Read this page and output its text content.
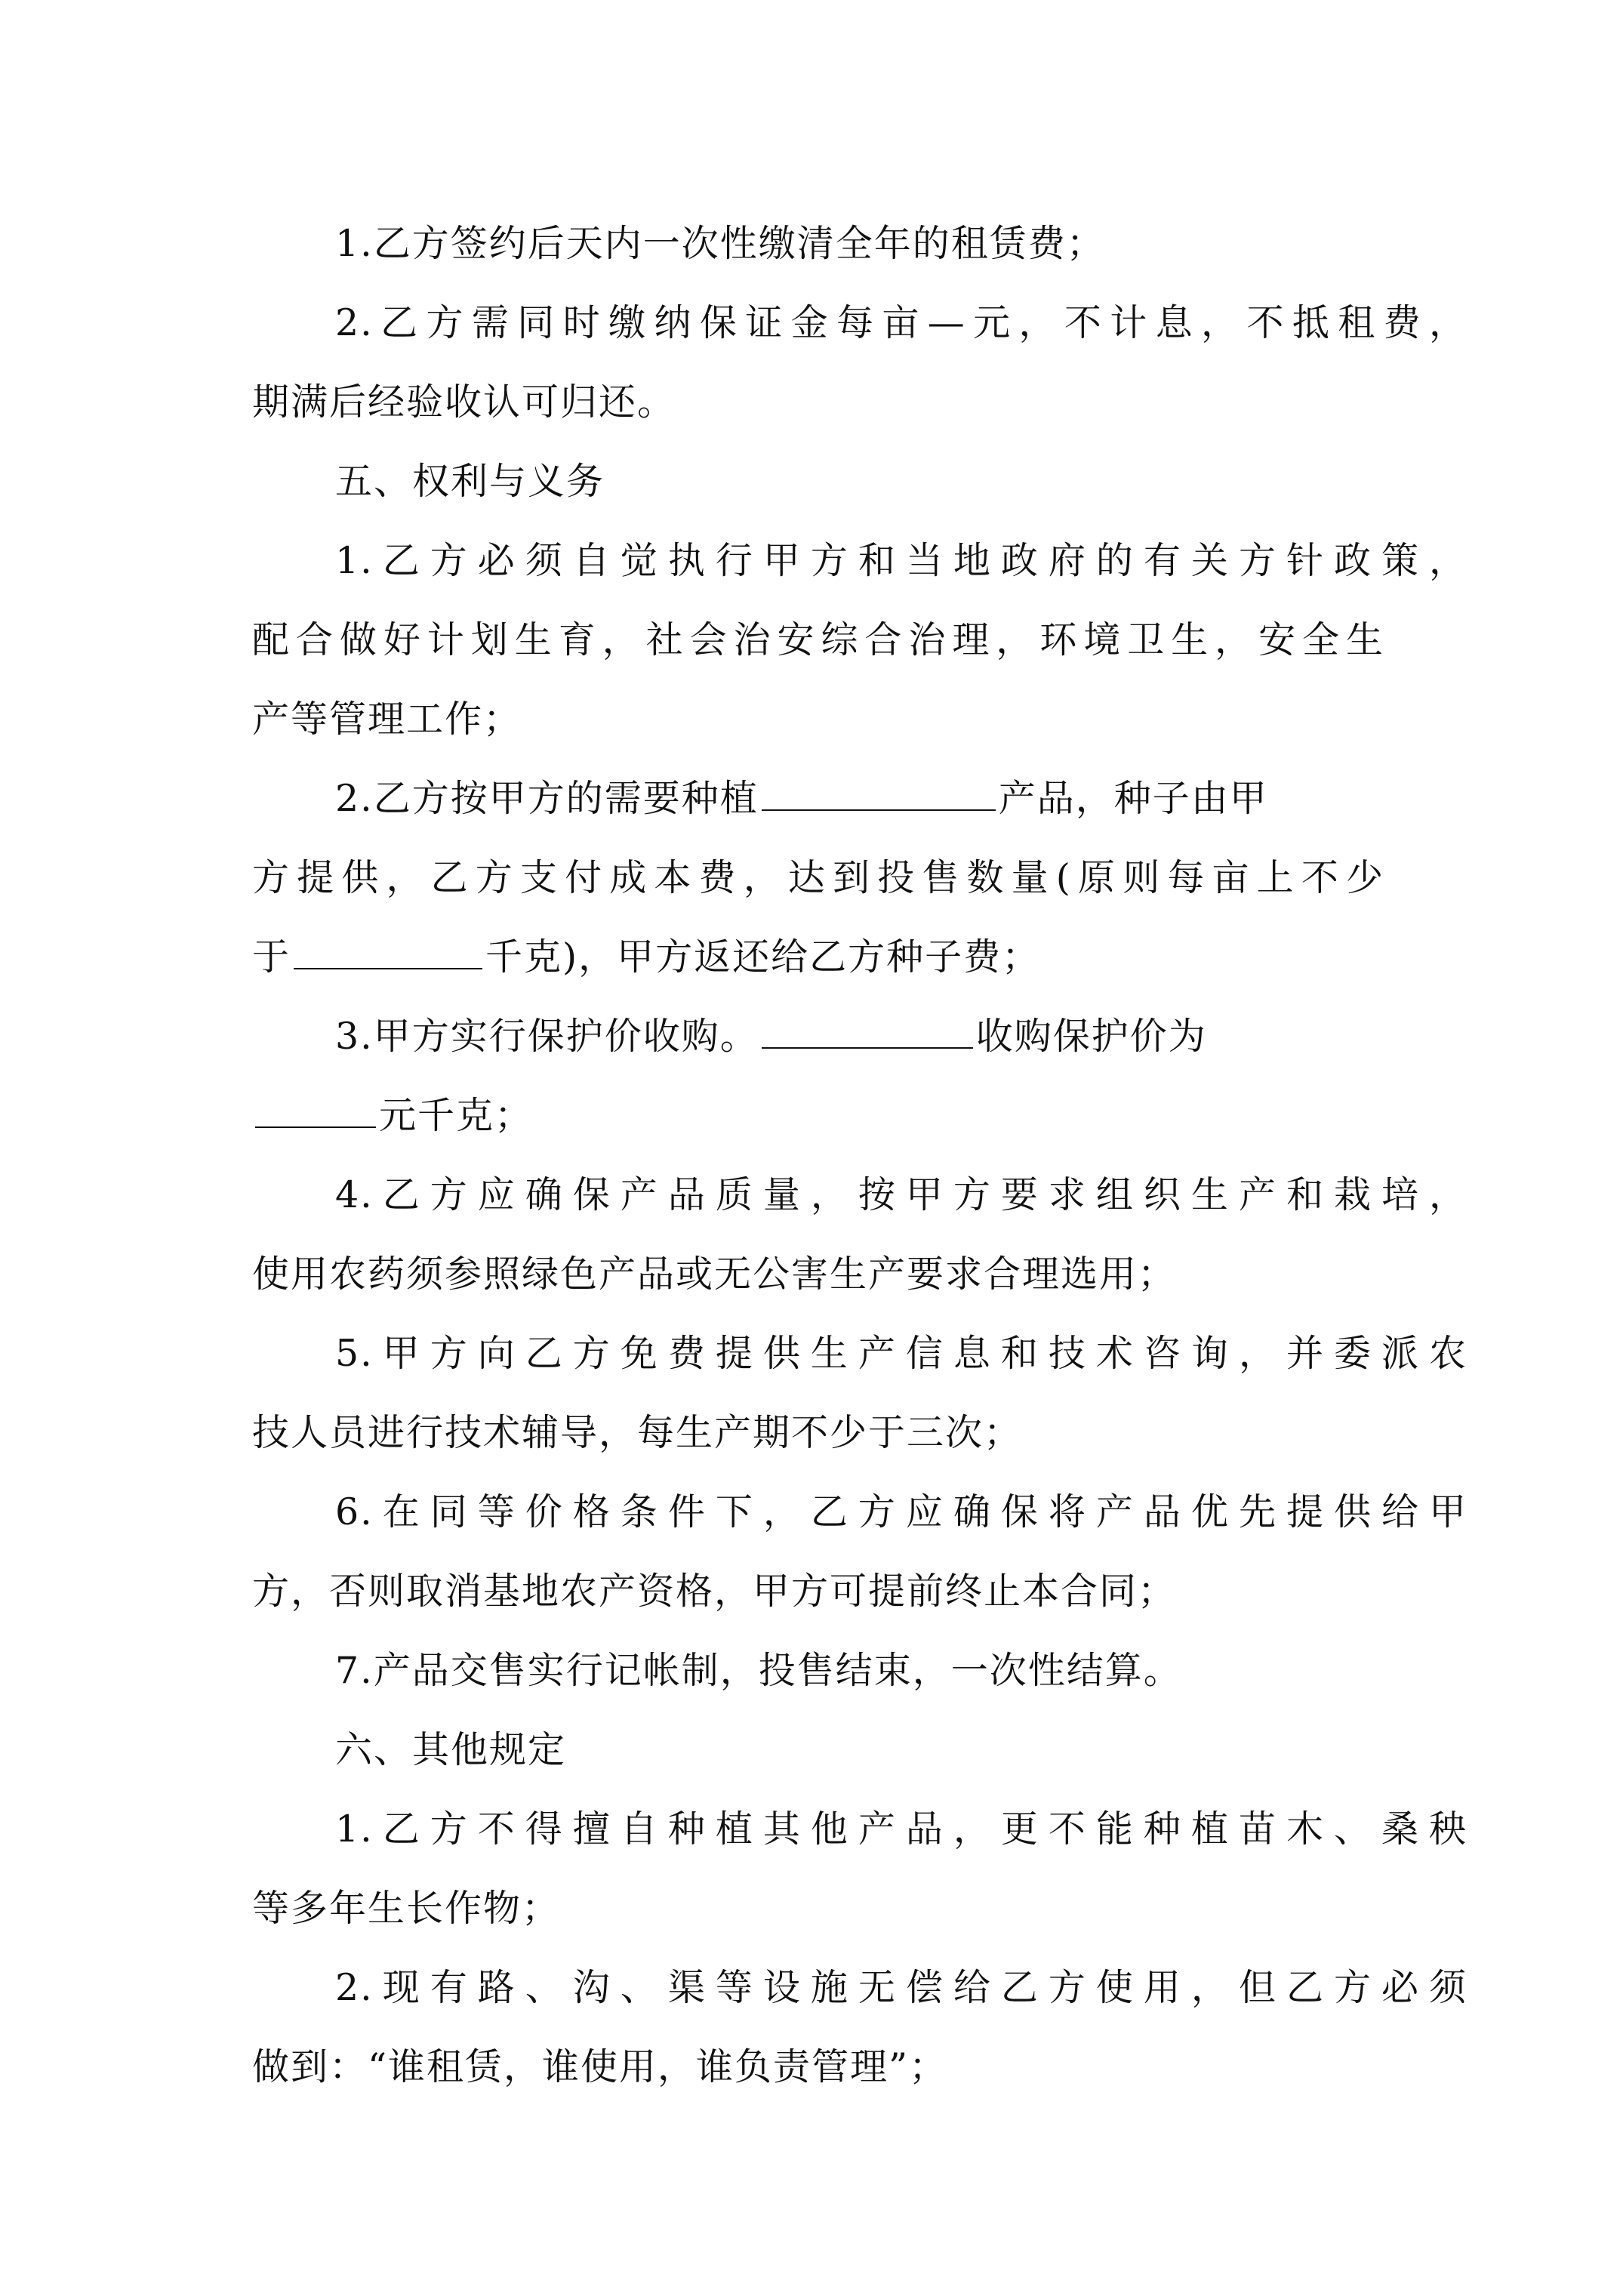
1.乙方签约后天内一次性缴清全年的租赁费；
2.乙方需同时缴纳保证金每亩—元，不计息，不抵租费，
期满后经验收认可归还。
五、权利与义务
1.乙方必须自觉执行甲方和当地政府的有关方针政策，
配合做好计划生育，社会治安综合治理，环境卫生，安全生
产等管理工作；
2.乙方按甲方的需要种植	产品，种子由甲
方提供，乙方支付成本费，达到投售数量(原则每亩上不少
于	千克)，甲方返还给乙方种子费；
3.甲方实行保护价收购。	收购保护价为
元千克；
4.乙方应确保产品质量，按甲方要求组织生产和栽培，
使用农药须参照绿色产品或无公害生产要求合理选用；
5.甲方向乙方免费提供生产信息和技术咨询，并委派农
技人员进行技术辅导，每生产期不少于三次；
6.在同等价格条件下，乙方应确保将产品优先提供给甲
方，否则取消基地农产资格，甲方可提前终止本合同；
7.产品交售实行记帐制，投售结束，一次性结算。
六、其他规定
1.乙方不得擅自种植其他产品，更不能种植苗木、桑秧
等多年生长作物；
2.现有路、沟、渠等设施无偿给乙方使用，但乙方必须
做到：“谁租赁，谁使用，谁负责管理”；
